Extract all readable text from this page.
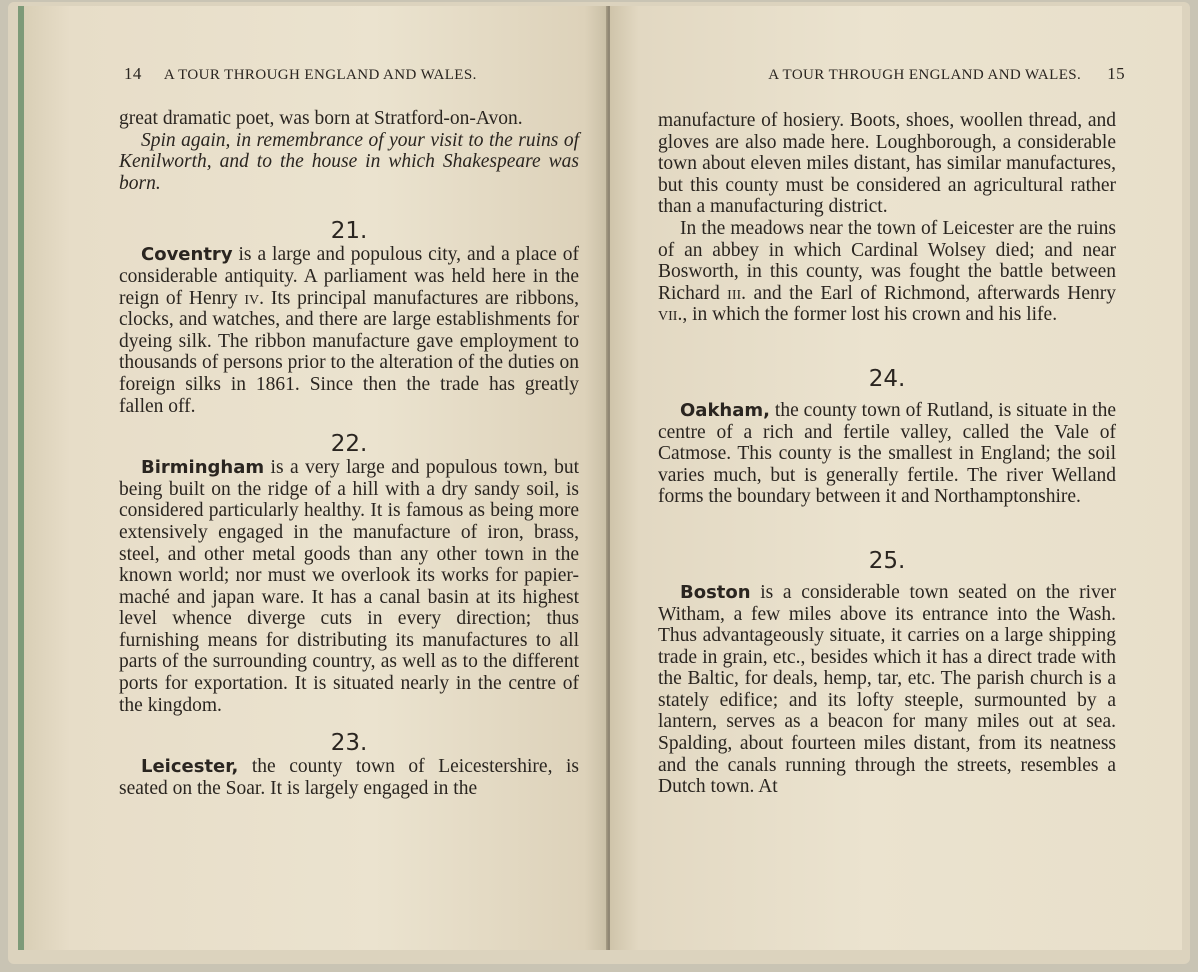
14 A TOUR THROUGH ENGLAND AND WALES.

great dramatic poet, was born at Stratford-on-Avon.

Spin again, in remembrance of your visit to the ruins of Kenilworth, and to the house in which Shakespeare was born.

21.

Coventry is a large and populous city, and a place of considerable antiquity. A parliament was held here in the reign of Henry iv. Its principal manufactures are ribbons, clocks, and watches, and there are large establishments for dyeing silk. The ribbon manufacture gave employment to thousands of persons prior to the alteration of the duties on foreign silks in 1861. Since then the trade has greatly fallen off.

22.

Birmingham is a very large and populous town, but being built on the ridge of a hill with a dry sandy soil, is considered particularly healthy. It is famous as being more extensively engaged in the manufacture of iron, brass, steel, and other metal goods than any other town in the known world; nor must we overlook its works for papier-maché and japan ware. It has a canal basin at its highest level whence diverge cuts in every direction; thus furnishing means for distributing its manufactures to all parts of the surrounding country, as well as to the different ports for exportation. It is situated nearly in the centre of the kingdom.

23.

Leicester, the county town of Leicestershire, is seated on the Soar. It is largely engaged in the

A TOUR THROUGH ENGLAND AND WALES. 15

manufacture of hosiery. Boots, shoes, woollen thread, and gloves are also made here. Loughborough, a considerable town about eleven miles distant, has similar manufactures, but this county must be considered an agricultural rather than a manufacturing district.

In the meadows near the town of Leicester are the ruins of an abbey in which Cardinal Wolsey died; and near Bosworth, in this county, was fought the battle between Richard iii. and the Earl of Richmond, afterwards Henry vii., in which the former lost his crown and his life.

24.

Oakham, the county town of Rutland, is situate in the centre of a rich and fertile valley, called the Vale of Catmose. This county is the smallest in England; the soil varies much, but is generally fertile. The river Welland forms the boundary between it and Northamptonshire.

25.

Boston is a considerable town seated on the river Witham, a few miles above its entrance into the Wash. Thus advantageously situate, it carries on a large shipping trade in grain, etc., besides which it has a direct trade with the Baltic, for deals, hemp, tar, etc. The parish church is a stately edifice; and its lofty steeple, surmounted by a lantern, serves as a beacon for many miles out at sea. Spalding, about fourteen miles distant, from its neatness and the canals running through the streets, resembles a Dutch town. At
